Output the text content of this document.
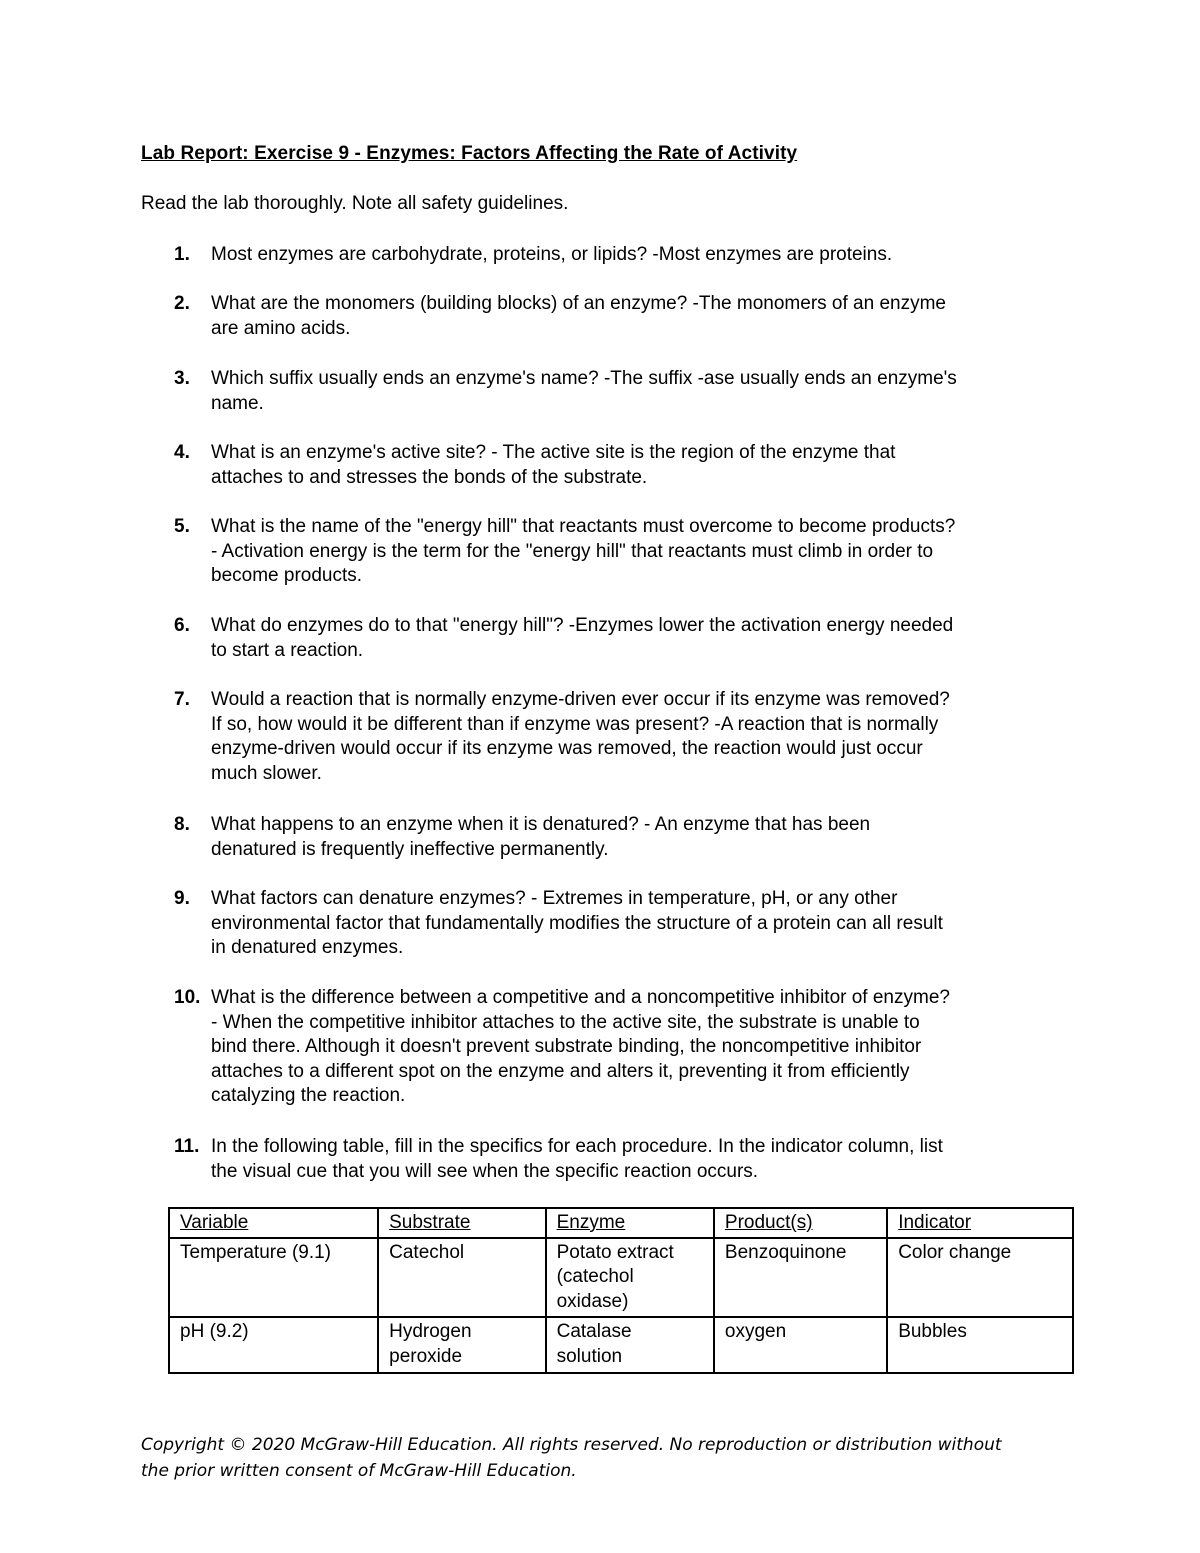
Lab Report: Exercise 9 - Enzymes: Factors Affecting the Rate of Activity
Read the lab thoroughly. Note all safety guidelines.
1. Most enzymes are carbohydrate, proteins, or lipids? -Most enzymes are proteins.
2. What are the monomers (building blocks) of an enzyme? -The monomers of an enzyme
are amino acids.
3. Which suffix usually ends an enzyme's name? -The suffix -ase usually ends an enzyme's
name.
4. What is an enzyme's active site? - The active site is the region of the enzyme that
attaches to and stresses the bonds of the substrate.
5. What is the name of the "energy hill" that reactants must overcome to become products?
- Activation energy is the term for the "energy hill" that reactants must climb in order to
become products.
6. What do enzymes do to that "energy hill"? -Enzymes lower the activation energy needed
to start a reaction.
7. Would a reaction that is normally enzyme-driven ever occur if its enzyme was removed?
If so, how would it be different than if enzyme was present? -A reaction that is normally
enzyme-driven would occur if its enzyme was removed, the reaction would just occur
much slower.
8. What happens to an enzyme when it is denatured? - An enzyme that has been
denatured is frequently ineffective permanently.
9. What factors can denature enzymes? - Extremes in temperature, pH, or any other
environmental factor that fundamentally modifies the structure of a protein can all result
in denatured enzymes.
10. What is the difference between a competitive and a noncompetitive inhibitor of enzyme?
- When the competitive inhibitor attaches to the active site, the substrate is unable to
bind there. Although it doesn't prevent substrate binding, the noncompetitive inhibitor
attaches to a different spot on the enzyme and alters it, preventing it from efficiently
catalyzing the reaction.
11. In the following table, fill in the specifics for each procedure. In the indicator column, list
the visual cue that you will see when the specific reaction occurs.
Variable	Substrate	Enzyme	Product(s)	Indicator

Temperature (9.1)	Catechol	Potato extract
(catechol
oxidase)	Benzoquinone	Color change

pH (9.2)	Hydrogen
peroxide	Catalase
solution	oxygen	Bubbles
Copyright © 2020 McGraw-Hill Education. All rights reserved. No reproduction or distribution without
the prior written consent of McGraw-Hill Education.
